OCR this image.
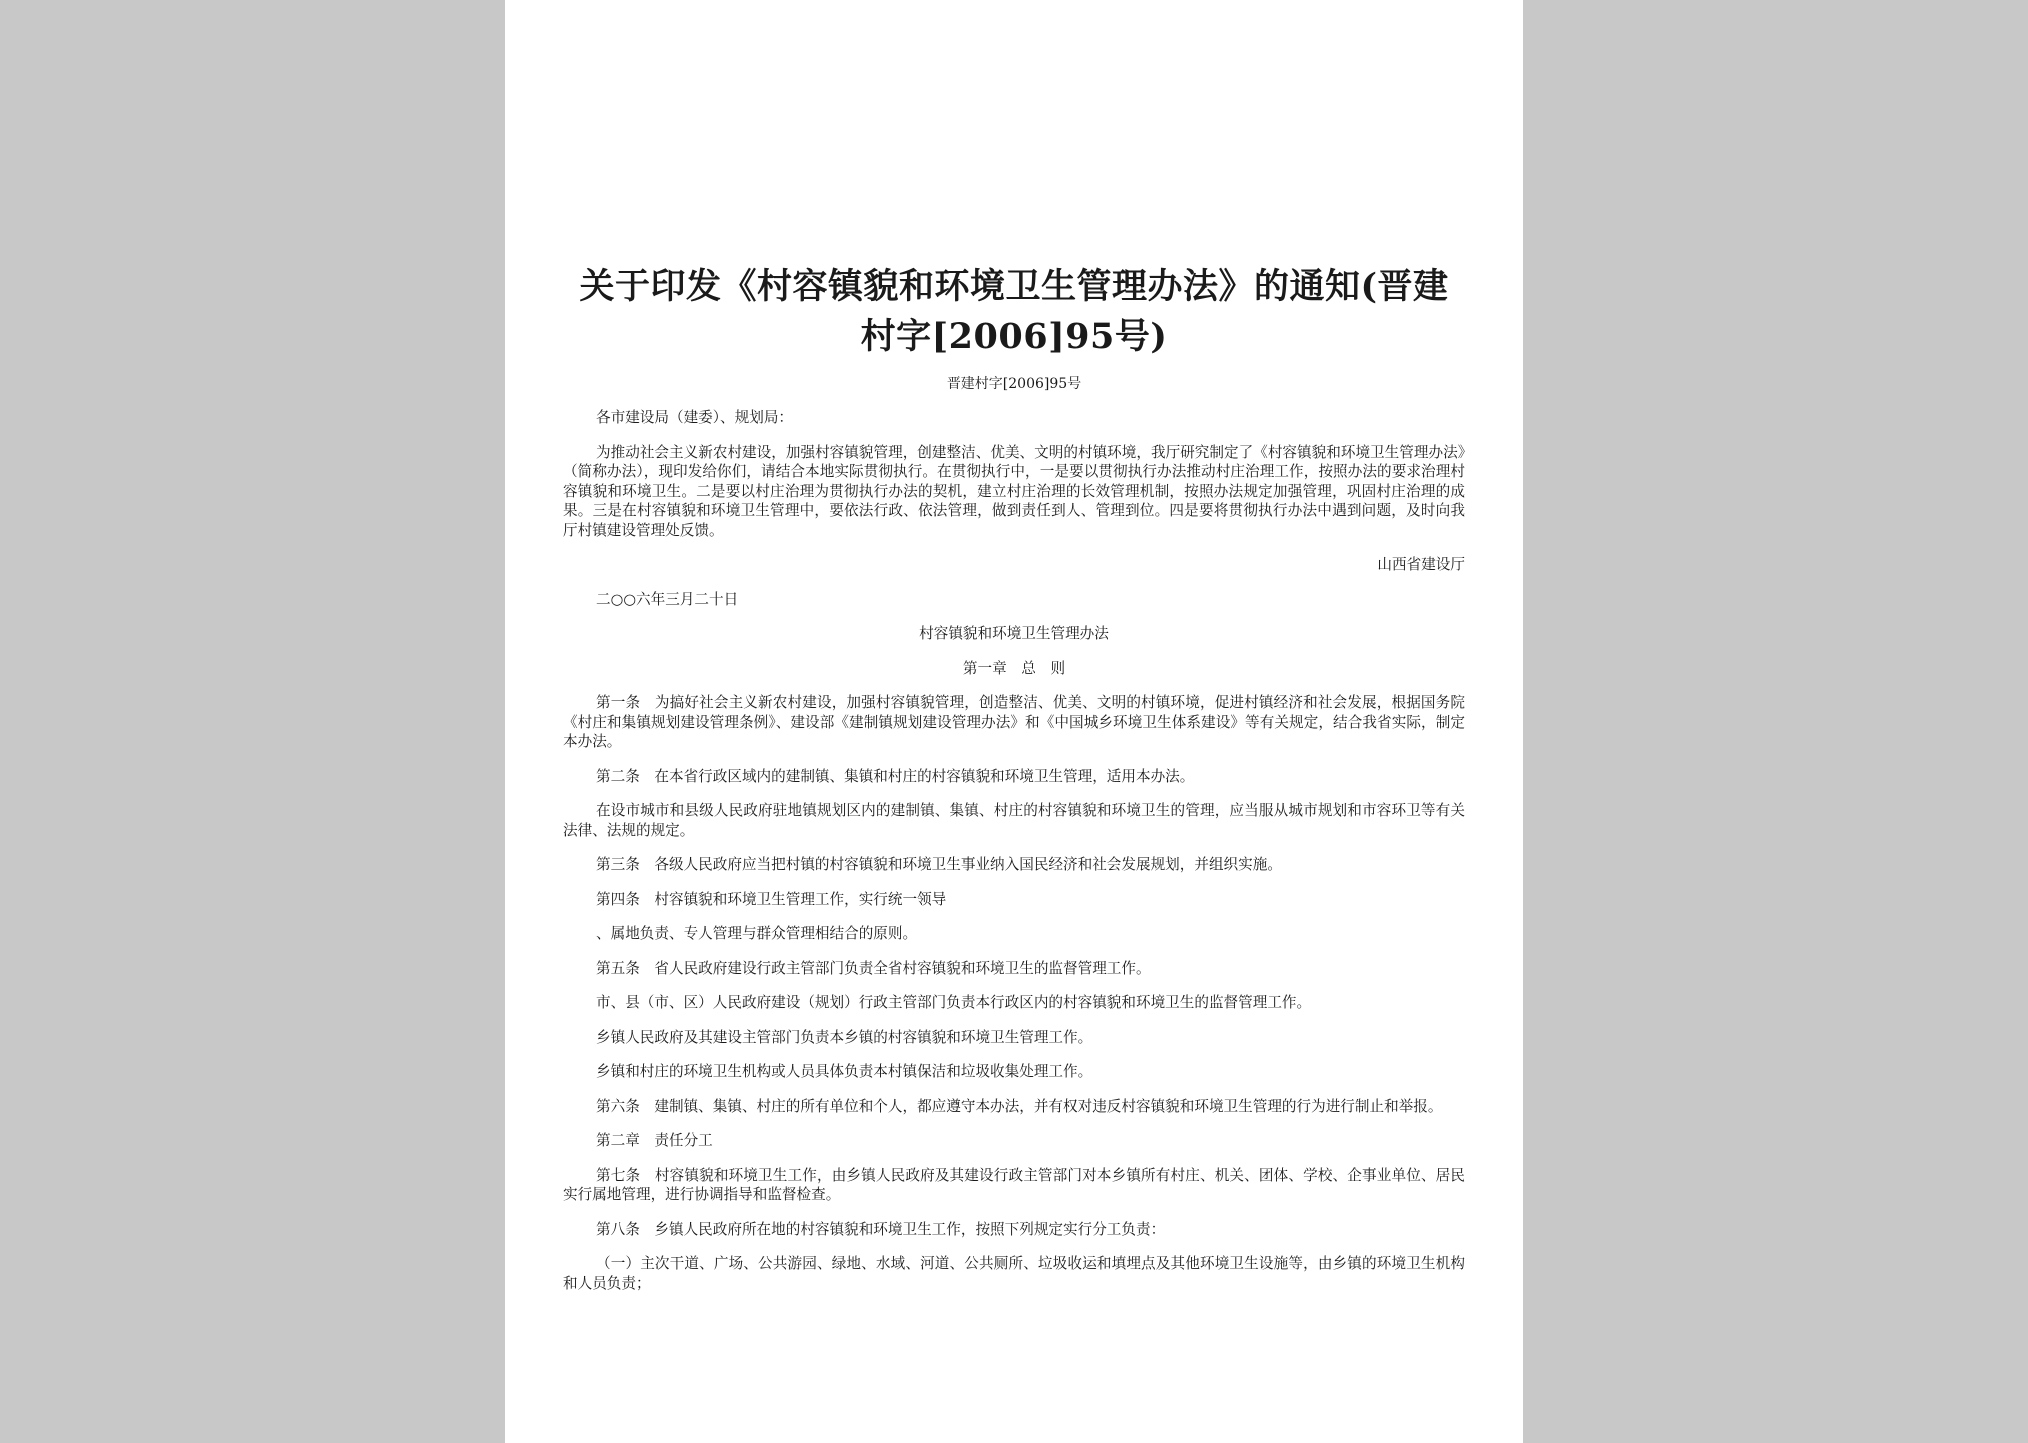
关于印发《村容镇貌和环境卫生管理办法》的通知(晋建村字[2006]95号)
晋建村字[2006]95号
各市建设局（建委）、规划局：
为推动社会主义新农村建设，加强村容镇貌管理，创建整洁、优美、文明的村镇环境，我厅研究制定了《村容镇貌和环境卫生管理办法》（简称办法），现印发给你们，请结合本地实际贯彻执行。在贯彻执行中，一是要以贯彻执行办法推动村庄治理工作，按照办法的要求治理村容镇貌和环境卫生。二是要以村庄治理为贯彻执行办法的契机，建立村庄治理的长效管理机制，按照办法规定加强管理，巩固村庄治理的成果。三是在村容镇貌和环境卫生管理中，要依法行政、依法管理，做到责任到人、管理到位。四是要将贯彻执行办法中遇到问题，及时向我厅村镇建设管理处反馈。
山西省建设厅
二○○六年三月二十日
村容镇貌和环境卫生管理办法
第一章　总　则
第一条　为搞好社会主义新农村建设，加强村容镇貌管理，创造整洁、优美、文明的村镇环境，促进村镇经济和社会发展，根据国务院《村庄和集镇规划建设管理条例》、建设部《建制镇规划建设管理办法》和《中国城乡环境卫生体系建设》等有关规定，结合我省实际，制定本办法。
第二条　在本省行政区域内的建制镇、集镇和村庄的村容镇貌和环境卫生管理，适用本办法。
在设市城市和县级人民政府驻地镇规划区内的建制镇、集镇、村庄的村容镇貌和环境卫生的管理，应当服从城市规划和市容环卫等有关法律、法规的规定。
第三条　各级人民政府应当把村镇的村容镇貌和环境卫生事业纳入国民经济和社会发展规划，并组织实施。
第四条　村容镇貌和环境卫生管理工作，实行统一领导
、属地负责、专人管理与群众管理相结合的原则。
第五条　省人民政府建设行政主管部门负责全省村容镇貌和环境卫生的监督管理工作。
市、县（市、区）人民政府建设（规划）行政主管部门负责本行政区内的村容镇貌和环境卫生的监督管理工作。
乡镇人民政府及其建设主管部门负责本乡镇的村容镇貌和环境卫生管理工作。
乡镇和村庄的环境卫生机构或人员具体负责本村镇保洁和垃圾收集处理工作。
第六条　建制镇、集镇、村庄的所有单位和个人，都应遵守本办法，并有权对违反村容镇貌和环境卫生管理的行为进行制止和举报。
第二章　责任分工
第七条　村容镇貌和环境卫生工作，由乡镇人民政府及其建设行政主管部门对本乡镇所有村庄、机关、团体、学校、企事业单位、居民实行属地管理，进行协调指导和监督检查。
第八条　乡镇人民政府所在地的村容镇貌和环境卫生工作，按照下列规定实行分工负责：
（一）主次干道、广场、公共游园、绿地、水域、河道、公共厕所、垃圾收运和填埋点及其他环境卫生设施等，由乡镇的环境卫生机构和人员负责；
